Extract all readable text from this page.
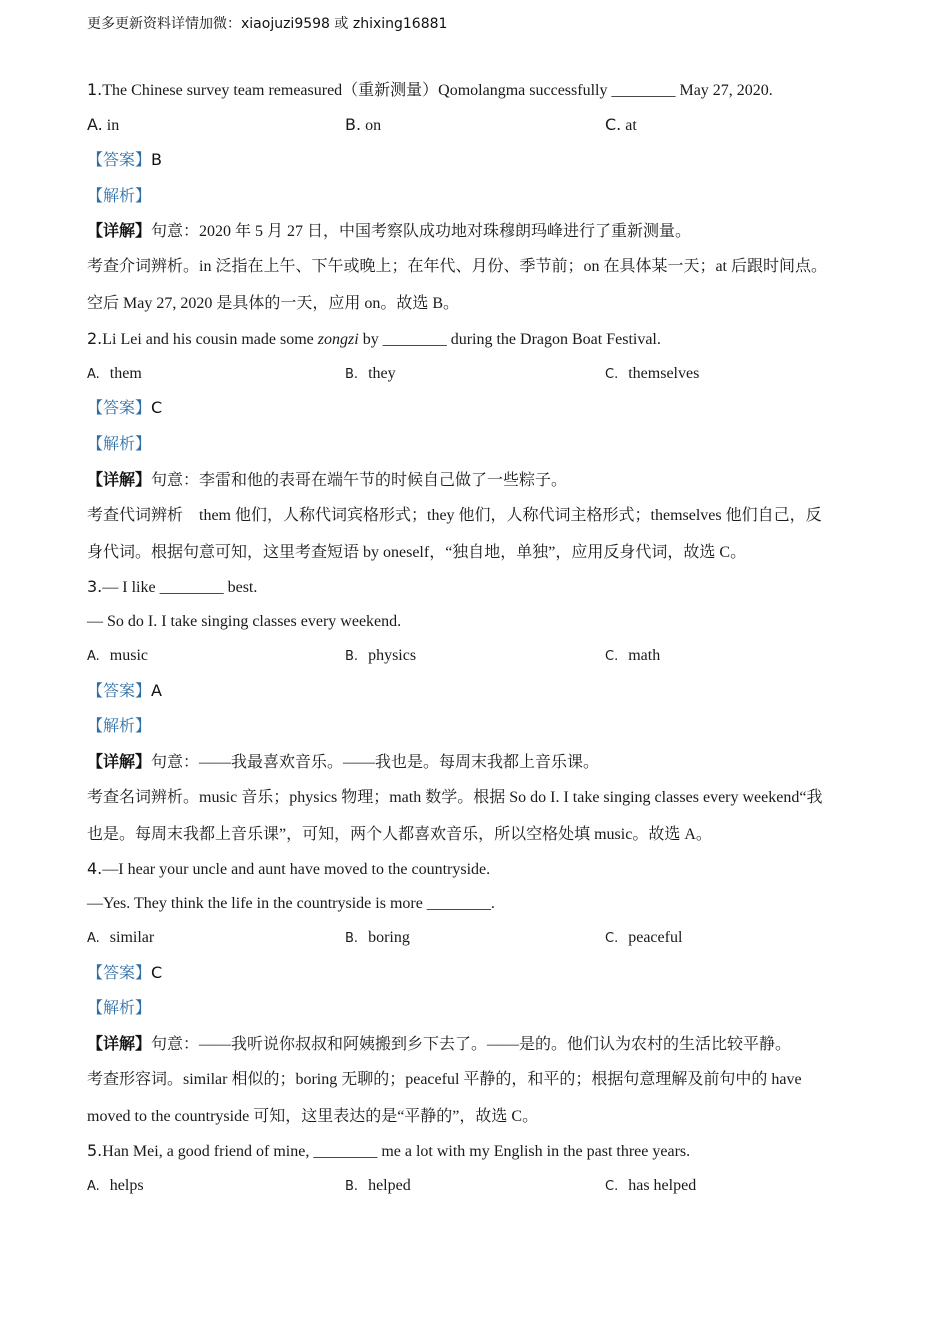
更多更新资料详情加微：xiaojuzi9598 或 zhixing16881
1.The Chinese survey team remeasured（重新测量）Qomolangma successfully ________ May 27, 2020.
A. in	B. on	C. at
【答案】B
【解析】
【详解】句意：2020 年 5 月 27 日，中国考察队成功地对珠穆朗玛峰进行了重新测量。
考查介词辨析。in 泛指在上午、下午或晚上；在年代、月份、季节前；on 在具体某一天；at 后跟时间点。
空后 May 27, 2020 是具体的一天，应用 on。故选 B。
2.Li Lei and his cousin made some zongzi by ________ during the Dragon Boat Festival.
A. them	B. they	C. themselves
【答案】C
【解析】
【详解】句意：李雷和他的表哥在端午节的时候自己做了一些粽子。
考查代词辨析　them 他们，人称代词宾格形式；they 他们，人称代词主格形式；themselves 他们自己，反
身代词。根据句意可知，这里考查短语 by oneself，“独自地，单独”，应用反身代词，故选 C。
3.— I like ________ best.
— So do I. I take singing classes every weekend.
A. music	B. physics	C. math
【答案】A
【解析】
【详解】句意：——我最喜欢音乐。——我也是。每周末我都上音乐课。
考查名词辨析。music 音乐；physics 物理；math 数学。根据 So do I. I take singing classes every weekend“我
也是。每周末我都上音乐课”，可知，两个人都喜欢音乐，所以空格处填 music。故选 A。
4.—I hear your uncle and aunt have moved to the countryside.
—Yes. They think the life in the countryside is more ________.
A. similar	B. boring	C. peaceful
【答案】C
【解析】
【详解】句意：——我听说你叔叔和阿姨搬到乡下去了。——是的。他们认为农村的生活比较平静。
考查形容词。similar 相似的；boring 无聊的；peaceful 平静的，和平的；根据句意理解及前句中的 have
moved to the countryside 可知，这里表达的是“平静的”，故选 C。
5.Han Mei, a good friend of mine, ________ me a lot with my English in the past three years.
A. helps	B. helped	C. has helped
